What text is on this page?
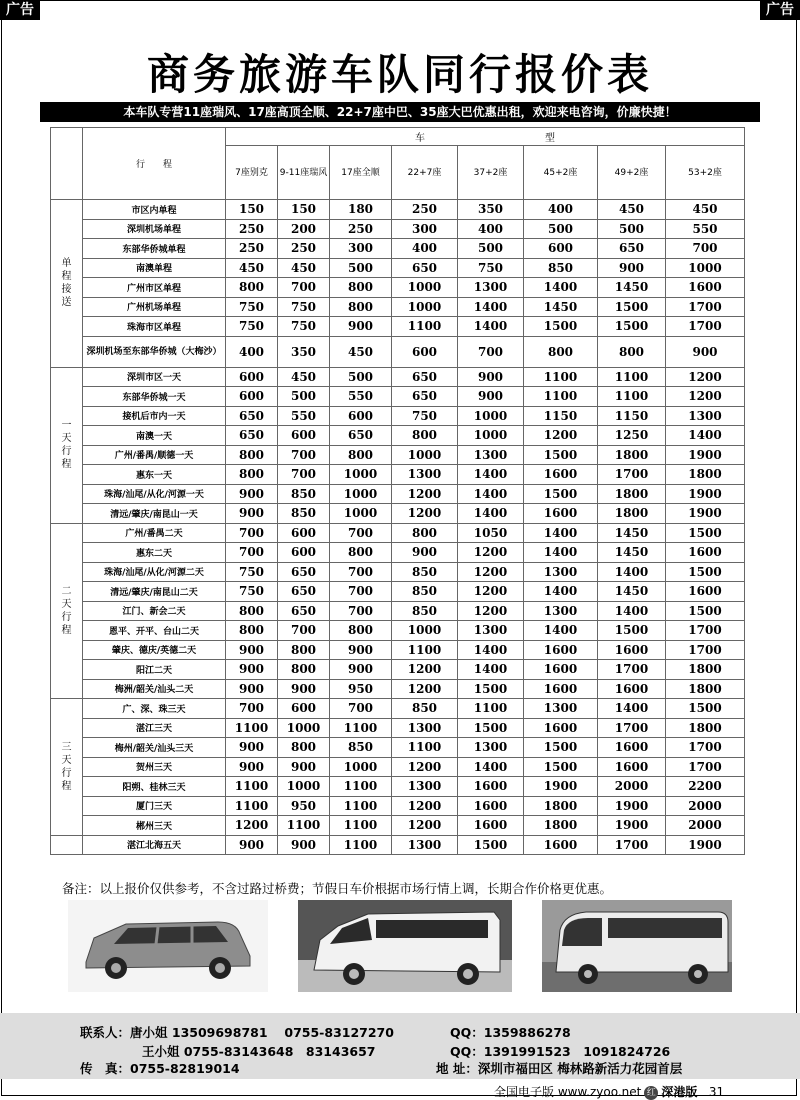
广告	广告
商务旅游车队同行报价表
本车队专营11座瑞风、17座高顶全顺、22+7座中巴、35座大巴优惠出租，欢迎来电咨询，价廉快捷！
	行　　程	车 型							
		7座别克	9-11座瑞风	17座全顺	22+7座	37+2座	45+2座	49+2座	53+2座

单程接送	市区内单程	150	150	180	250	350	400	450	450
	深圳机场单程	250	200	250	300	400	500	500	550
	东部华侨城单程	250	250	300	400	500	600	650	700
	南澳单程	450	450	500	650	750	850	900	1000
	广州市区单程	800	700	800	1000	1300	1400	1450	1600
	广州机场单程	750	750	800	1000	1400	1450	1500	1700
	珠海市区单程	750	750	900	1100	1400	1500	1500	1700
	深圳机场至东部华侨城（大梅沙）	400	350	450	600	700	800	800	900

一天行程	深圳市区一天	600	450	500	650	900	1100	1100	1200
	东部华侨城一天	600	500	550	650	900	1100	1100	1200
	接机后市内一天	650	550	600	750	1000	1150	1150	1300
	南澳一天	650	600	650	800	1000	1200	1250	1400
	广州/番禺/顺德一天	800	700	800	1000	1300	1500	1800	1900
	惠东一天	800	700	1000	1300	1400	1600	1700	1800
	珠海/汕尾/从化/河源一天	900	850	1000	1200	1400	1500	1800	1900
	清远/肇庆/南昆山一天	900	850	1000	1200	1400	1600	1800	1900

二天行程	广州/番禺二天	700	600	700	800	1050	1400	1450	1500
	惠东二天	700	600	800	900	1200	1400	1450	1600
	珠海/汕尾/从化/河源二天	750	650	700	850	1200	1300	1400	1500
	清远/肇庆/南昆山二天	750	650	700	850	1200	1400	1450	1600
	江门、新会二天	800	650	700	850	1200	1300	1400	1500
	恩平、开平、台山二天	800	700	800	1000	1300	1400	1500	1700
	肇庆、德庆/英德二天	900	800	900	1100	1400	1600	1600	1700
	阳江二天	900	800	900	1200	1400	1600	1700	1800
	梅洲/韶关/汕头二天	900	900	950	1200	1500	1600	1600	1800

三天行程	广、深、珠三天	700	600	700	850	1100	1300	1400	1500
	湛江三天	1100	1000	1100	1300	1500	1600	1700	1800
	梅州/韶关/汕头三天	900	800	850	1100	1300	1500	1600	1700
	贺州三天	900	900	1000	1200	1400	1500	1600	1700
	阳朔、桂林三天	1100	1000	1100	1300	1600	1900	2000	2200
	厦门三天	1100	950	1100	1200	1600	1800	1900	2000
	郴州三天	1200	1100	1100	1200	1600	1800	1900	2000

	湛江北海五天	900	900	1100	1300	1500	1600	1700	1900
备注：以上报价仅供参考，不含过路过桥费；节假日车价根据市场行情上调，长期合作价格更优惠。
联系人：唐小姐 13509698781　 0755-83127270
王小姐 0755-83143648　83143657
传　真：0755-82819014
QQ：1359886278
QQ：1391991523　1091824726
地 址：深圳市福田区 梅林路新活力花园首层
全国电子版 www.zyoo.net 红 深港版 31
